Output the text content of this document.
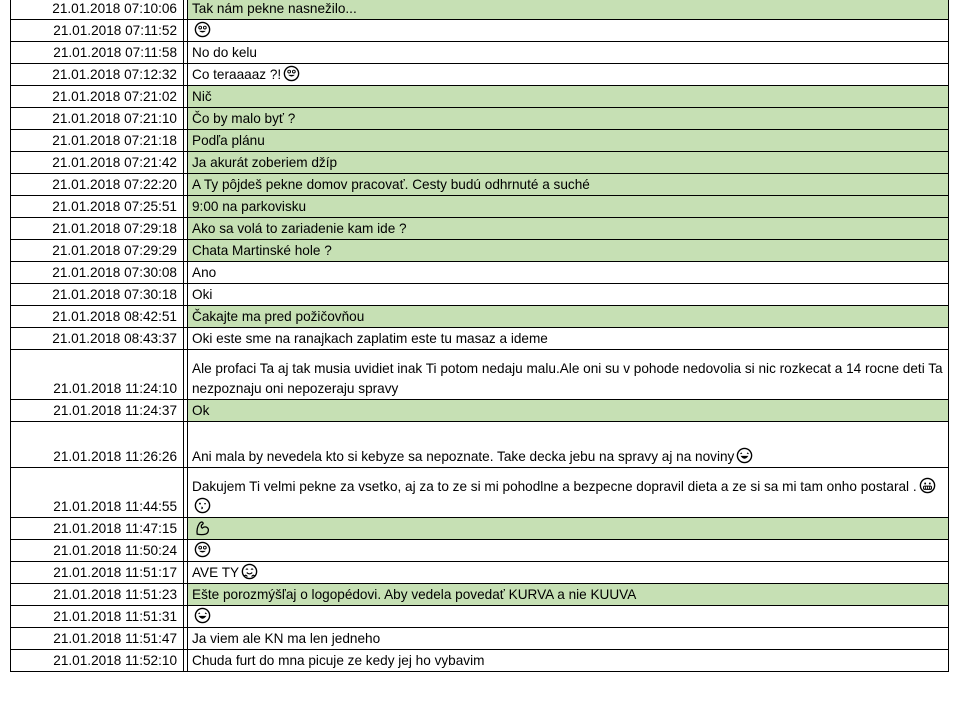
21.01.2018 07:10:06		Tak nám pekne nasnežilo...
21.01.2018 07:11:52		

21.01.2018 07:11:58		No do kelu
21.01.2018 07:12:32		Co teraaaaz ?!

21.01.2018 07:21:02		Nič
21.01.2018 07:21:10		Čo by malo byť ?
21.01.2018 07:21:18		Podľa plánu
21.01.2018 07:21:42		Ja akurát zoberiem džíp
21.01.2018 07:22:20		A Ty pôjdeš pekne domov pracovať. Cesty budú odhrnuté a suché
21.01.2018 07:25:51		9:00 na parkovisku
21.01.2018 07:29:18		Ako sa volá to zariadenie kam ide ?
21.01.2018 07:29:29		Chata Martinské hole ?
21.01.2018 07:30:08		Ano
21.01.2018 07:30:18		Oki
21.01.2018 08:42:51		Čakajte ma pred požičovňou
21.01.2018 08:43:37		Oki este sme na ranajkach zaplatim este tu masaz a ideme
21.01.2018 11:24:10		Ale profaci Ta aj tak musia uvidiet inak Ti potom nedaju malu.Ale oni su v pohode nedovolia si nic rozkecat a 14 rocne deti Ta nezpoznaju oni nepozeraju spravy
21.01.2018 11:24:37		Ok
21.01.2018 11:26:26		Ani mala by nevedela kto si kebyze sa nepoznate. Take decka jebu na spravy aj na noviny

21.01.2018 11:44:55		Dakujem Ti velmi pekne za vsetko, aj za to ze si mi pohodlne a bezpecne dopravil dieta a ze si sa mi tam onho postaral .

21.01.2018 11:47:15		

21.01.2018 11:50:24		

21.01.2018 11:51:17		AVE TY

21.01.2018 11:51:23		Ešte porozmýšľaj o logopédovi. Aby vedela povedať KURVA a nie KUUVA
21.01.2018 11:51:31		

21.01.2018 11:51:47		Ja viem ale KN ma len jedneho
21.01.2018 11:52:10		Chuda furt do mna picuje ze kedy jej ho vybavim
